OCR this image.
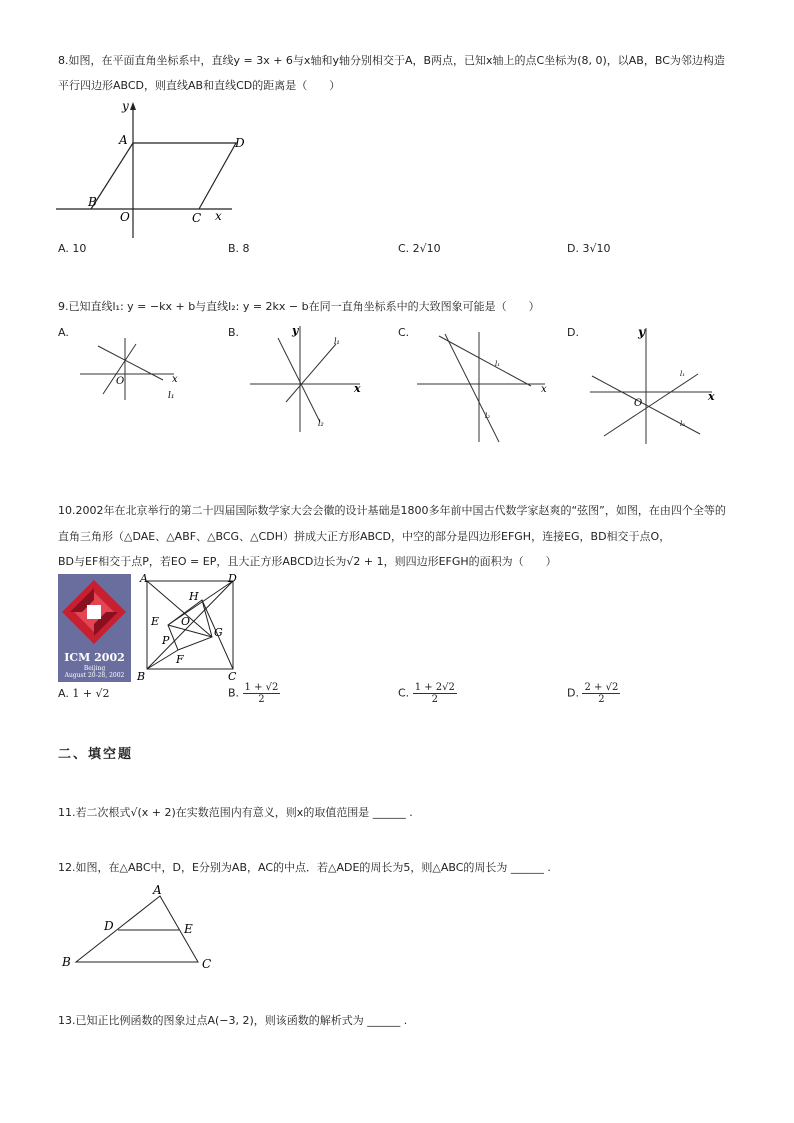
8.如图，在平面直角坐标系中，直线y = 3x + 6与x轴和y轴分别相交于A，B两点，已知x轴上的点C坐标为(8, 0)，以AB，BC为邻边构造
平行四边形ABCD，则直线AB和直线CD的距离是（　　）
y
A	D
B
O	C x
A. 10	B. 8	C. 2√10	D. 3√10
9.已知直线l₁: y = −kx + b与直线l₂: y = 2kx − b在同一直角坐标系中的大致图象可能是（　　）
A.	B.	C.	D.
O	x
l₁
y
x
l₁
l₂
x
l₁
l₂
y
x
O
l₁
l₂
10.2002年在北京举行的第二十四届国际数学家大会会徽的设计基础是1800多年前中国古代数学家赵爽的“弦图”，如图，在由四个全等的
直角三角形（△DAE、△ABF、△BCG、△CDH）拼成大正方形ABCD，中空的部分是四边形EFGH，连接EG，BD相交于点O，
BD与EF相交于点P，若EO = EP，且大正方形ABCD边长为√2 + 1，则四边形EFGH的面积为（　　）
ICM 2002
Beijing
August 20-28, 2002
A	D
H
E O
G
P
F
B	C
A. 1 + √2	B. $\frac{1 + √2}{2}$	C. $\frac{1 + 2√2}{2}$	D. $\frac{2 + √2}{2}$
二、填空题
11.若二次根式√(x + 2)在实数范围内有意义，则x的取值范围是 ______ .
12.如图，在△ABC中，D，E分别为AB，AC的中点．若△ADE的周长为5，则△ABC的周长为 ______ .
A
D	E
B	C
13.已知正比例函数的图象过点A(−3, 2)，则该函数的解析式为 ______ .
